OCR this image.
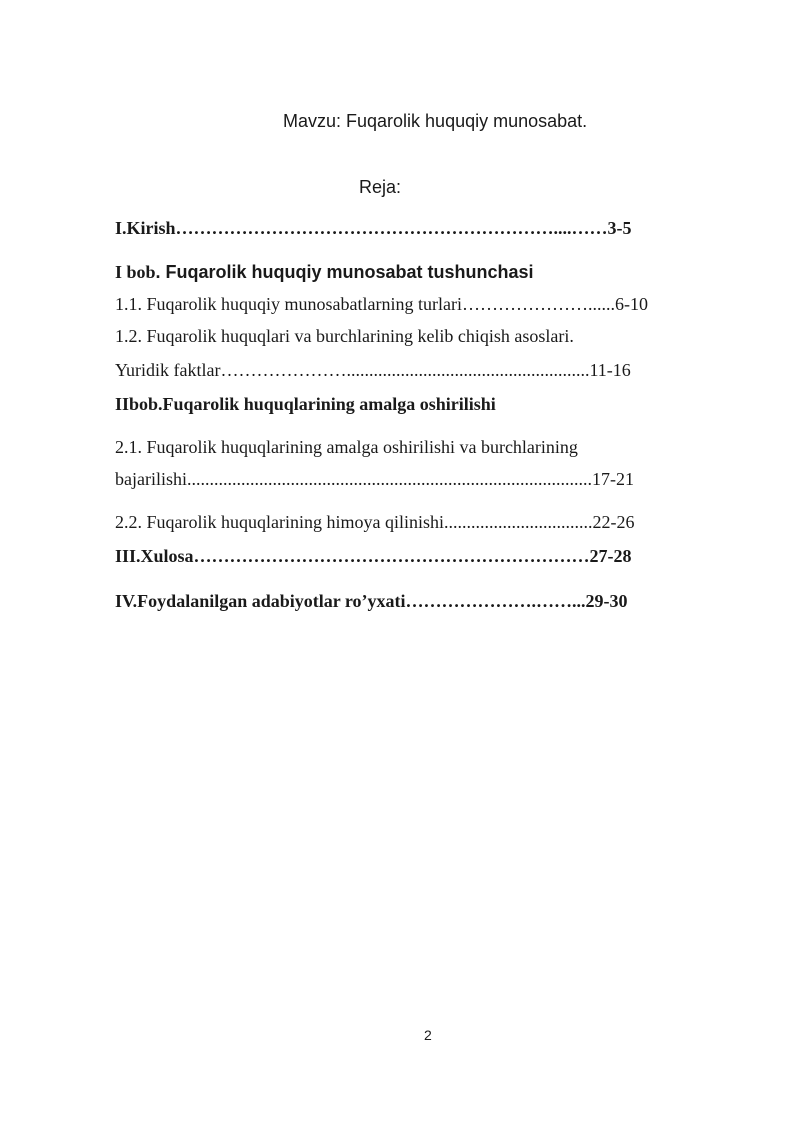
Mavzu: Fuqarolik huquqiy munosabat.
Reja:
I.Kirish………………………………………………………....……3-5
I bob. Fuqarolik huquqiy munosabat tushunchasi
1.1. Fuqarolik huquqiy munosabatlarning turlari…………………......6-10
1.2. Fuqarolik huquqlari va burchlarining kelib chiqish asoslari.
Yuridik faktlar…………………......................................................11-16
IIbob.Fuqarolik huquqlarining amalga oshirilishi
2.1. Fuqarolik huquqlarining amalga oshirilishi va burchlarining
bajarilishi..........................................................................................17-21
2.2. Fuqarolik huquqlarining himoya qilinishi.................................22-26
III.Xulosa…………………………………………………………27-28
IV.Foydalanilgan adabiyotlar ro’yxati………………….……...29-30
2
